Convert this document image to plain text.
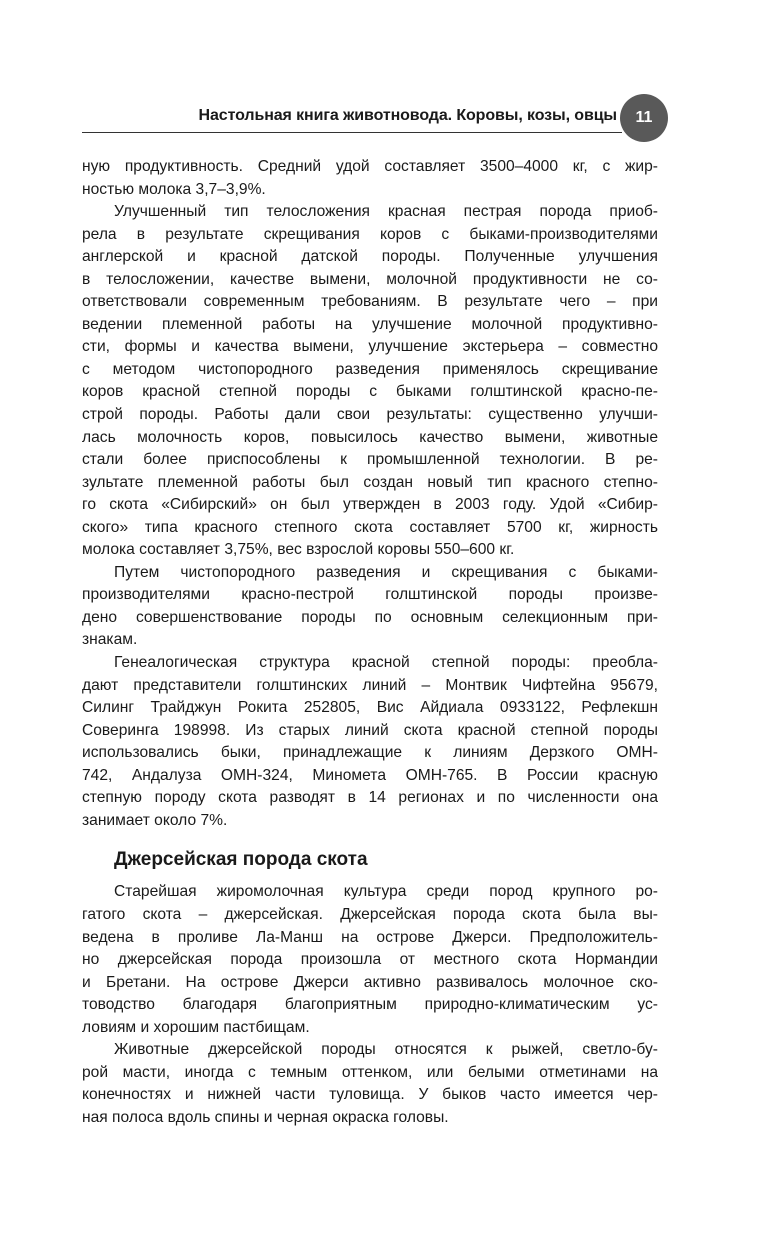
Настольная книга животновода. Коровы, козы, овцы	11
ную продуктивность. Средний удой составляет 3500–4000 кг, с жир-
ностью молока 3,7–3,9%.
Улучшенный тип телосложения красная пестрая порода приоб-
рела в результате скрещивания коров с быками-производителями
англерской и красной датской породы. Полученные улучшения
в телосложении, качестве вымени, молочной продуктивности не со-
ответствовали современным требованиям. В результате чего – при
ведении племенной работы на улучшение молочной продуктивно-
сти, формы и качества вымени, улучшение экстерьера – совместно
с методом чистопородного разведения применялось скрещивание
коров красной степной породы с быками голштинской красно-пе-
строй породы. Работы дали свои результаты: существенно улучши-
лась молочность коров, повысилось качество вымени, животные
стали более приспособлены к промышленной технологии. В ре-
зультате племенной работы был создан новый тип красного степно-
го скота «Сибирский» он был утвержден в 2003 году. Удой «Сибир-
ского» типа красного степного скота составляет 5700 кг, жирность
молока составляет 3,75%, вес взрослой коровы 550–600 кг.
Путем чистопородного разведения и скрещивания с быками-
производителями красно-пестрой голштинской породы произве-
дено совершенствование породы по основным селекционным при-
знакам.
Генеалогическая структура красной степной породы: преобла-
дают представители голштинских линий – Монтвик Чифтейна 95679,
Силинг Трайджун Рокита 252805, Вис Айдиала 0933122, Рефлекшн
Соверинга 198998. Из старых линий скота красной степной породы
использовались быки, принадлежащие к линиям Дерзкого ОМН-
742, Андалуза ОМН-324, Минометa ОМН-765. В России красную
степную породу скота разводят в 14 регионах и по численности она
занимает около 7%.
Джерсейская порода скота
Старейшая жиромолочная культура среди пород крупного ро-
гатого скота – джерсейская. Джерсейская порода скота была вы-
ведена в проливе Ла-Манш на острове Джерси. Предположитель-
но джерсейская порода произошла от местного скота Нормандии
и Бретани. На острове Джерси активно развивалось молочное ско-
товодство благодаря благоприятным природно-климатическим ус-
ловиям и хорошим пастбищам.
Животные джерсейской породы относятся к рыжей, светло-бу-
рой масти, иногда с темным оттенком, или белыми отметинами на
конечностях и нижней части туловища. У быков часто имеется чер-
ная полоса вдоль спины и черная окраска головы.
